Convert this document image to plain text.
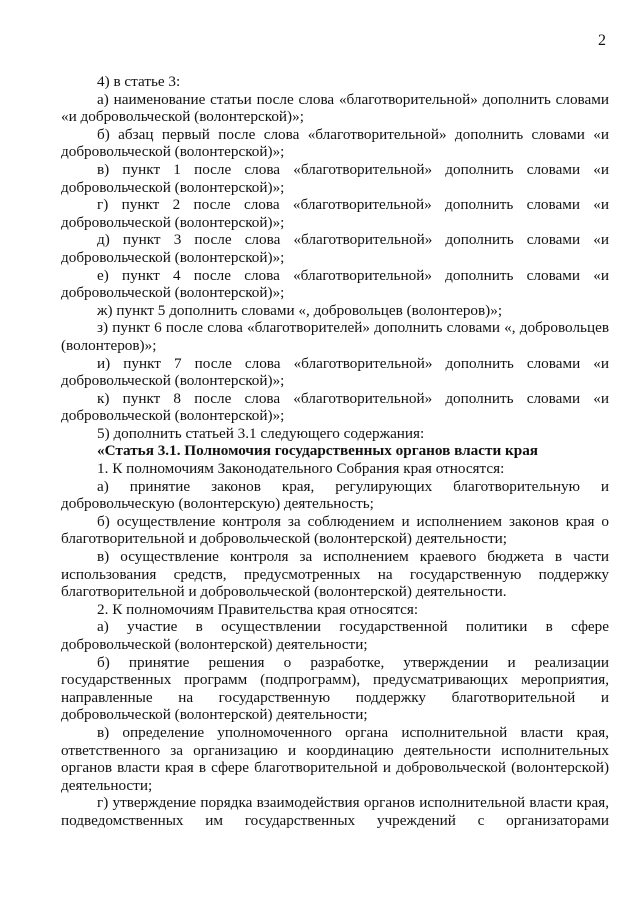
2

4) в статье 3:

а) наименование статьи после слова «благотворительной» дополнить словами «и добровольческой (волонтерской)»;

б) абзац первый после слова «благотворительной» дополнить словами «и добровольческой (волонтерской)»;

в) пункт 1 после слова «благотворительной» дополнить словами «и добровольческой (волонтерской)»;

г) пункт 2 после слова «благотворительной» дополнить словами «и добровольческой (волонтерской)»;

д) пункт 3 после слова «благотворительной» дополнить словами «и добровольческой (волонтерской)»;

е) пункт 4 после слова «благотворительной» дополнить словами «и добровольческой (волонтерской)»;

ж) пункт 5 дополнить словами «, добровольцев (волонтеров)»;

з) пункт 6 после слова «благотворителей» дополнить словами «, добровольцев (волонтеров)»;

и) пункт 7 после слова «благотворительной» дополнить словами «и добровольческой (волонтерской)»;

к) пункт 8 после слова «благотворительной» дополнить словами «и добровольческой (волонтерской)»;

5) дополнить статьей 3.1 следующего содержания:

«Статья 3.1. Полномочия государственных органов власти края

1. К полномочиям Законодательного Собрания края относятся:

а) принятие законов края, регулирующих благотворительную и добровольческую (волонтерскую) деятельность;

б) осуществление контроля за соблюдением и исполнением законов края о благотворительной и добровольческой (волонтерской) деятельности;

в) осуществление контроля за исполнением краевого бюджета в части использования средств, предусмотренных на государственную поддержку благотворительной и добровольческой (волонтерской) деятельности.

2. К полномочиям Правительства края относятся:

а) участие в осуществлении государственной политики в сфере добровольческой (волонтерской) деятельности;

б) принятие решения о разработке, утверждении и реализации государственных программ (подпрограмм), предусматривающих мероприятия, направленные на государственную поддержку благотворительной и добровольческой (волонтерской) деятельности;

в) определение уполномоченного органа исполнительной власти края, ответственного за организацию и координацию деятельности исполнительных органов власти края в сфере благотворительной и добровольческой (волонтерской) деятельности;

г) утверждение порядка взаимодействия органов исполнительной власти края, подведомственных им государственных учреждений с организаторами
